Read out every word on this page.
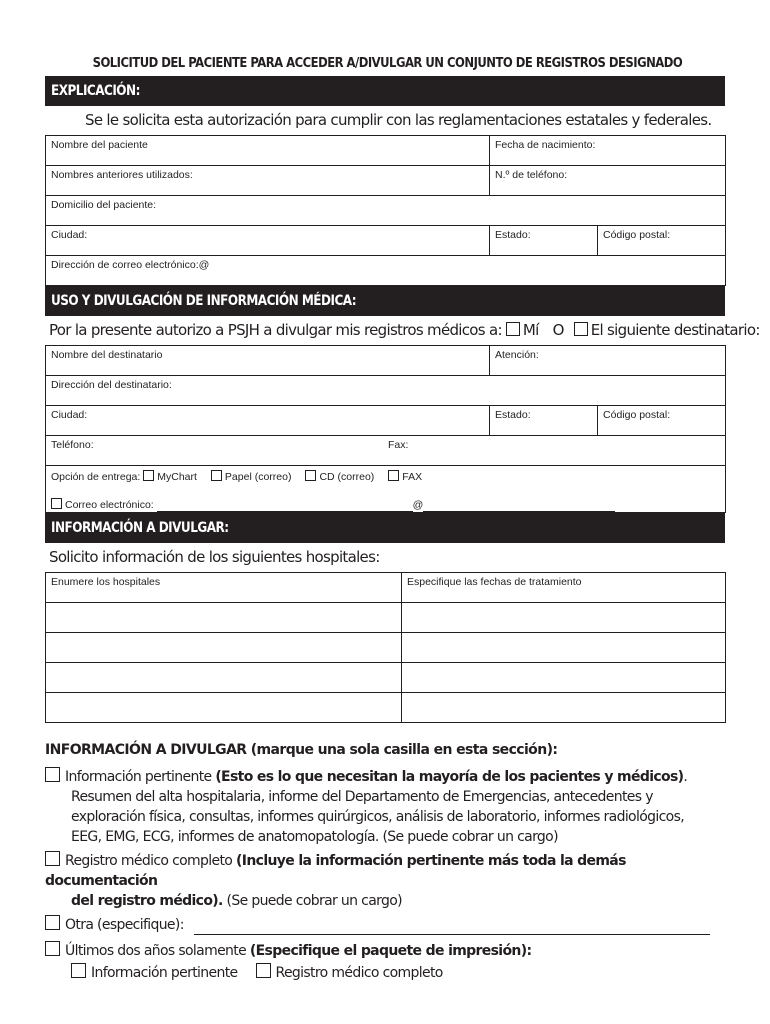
SOLICITUD DEL PACIENTE PARA ACCEDER A/DIVULGAR UN CONJUNTO DE REGISTROS DESIGNADO
EXPLICACIÓN:
Se le solicita esta autorización para cumplir con las reglamentaciones estatales y federales.
Nombre del paciente	Fecha de nacimiento:	
Nombres anteriores utilizados:	N.º de teléfono:	
Domicilio del paciente:		
Ciudad:	Estado:	Código postal:
Dirección de correo electrónico:@		
USO Y DIVULGACIÓN DE INFORMACIÓN MÉDICA:
Por la presente autorizo a PSJH a divulgar mis registros médicos a: Mí O El siguiente destinatario:
Nombre del destinatario	Atención:	
Dirección del destinatario:		
Ciudad:	Estado:	Código postal:
Teléfono: Fax:		

Opción de entrega: MyChart Papel (correo) CD (correo) FAX
Correo electrónico: @		
INFORMACIÓN A DIVULGAR:
Solicito información de los siguientes hospitales:
Enumere los hospitales	Especifique las fechas de tratamiento

INFORMACIÓN A DIVULGAR (marque una sola casilla en esta sección):
Información pertinente (Esto es lo que necesitan la mayoría de los pacientes y médicos).
Resumen del alta hospitalaria, informe del Departamento de Emergencias, antecedentes y
exploración física, consultas, informes quirúrgicos, análisis de laboratorio, informes radiológicos,
EEG, EMG, ECG, informes de anatomopatología. (Se puede cobrar un cargo)
Registro médico completo (Incluye la información pertinente más toda la demás documentación
del registro médico). (Se puede cobrar un cargo)
Otra (especifique):
Últimos dos años solamente (Especifique el paquete de impresión):
Información pertinente	Registro médico completo
